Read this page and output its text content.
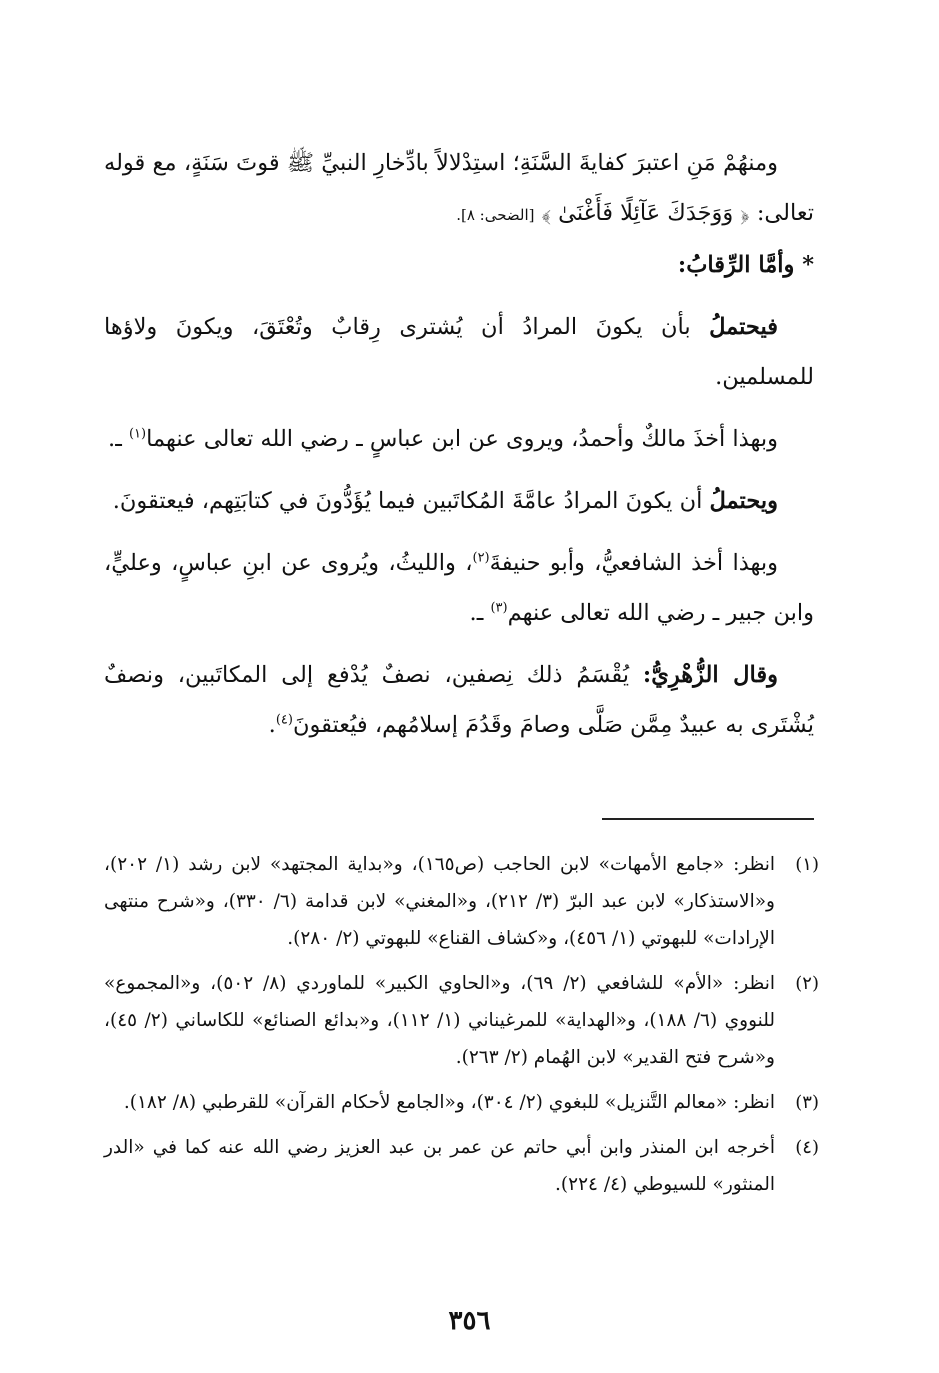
ومنهُمْ مَنِ اعتبرَ كفايةَ السَّنَةِ؛ استِدْلالاً بادِّخارِ النبيِّ ﷺ قوتَ سَنَةٍ، مع قوله تعالى: ﴿ وَوَجَدَكَ عَآئِلًا فَأَغْنَىٰ ﴾ [الضحى: ٨].

* وأمَّا الرِّقابُ:

فيحتملُ بأن يكونَ المرادُ أن يُشترى رِقابٌ وتُعْتَقَ، ويكونَ ولاؤها للمسلمين.

وبهذا أخذَ مالكٌ وأحمدُ، ويروى عن ابن عباسٍ ـ رضي الله تعالى عنهما$^{(١)}$ ـ.

ويحتملُ أن يكونَ المرادُ عامَّةَ المُكاتَبين فيما يُؤَدُّونَ في كتابَتِهم، فيعتقونَ.

وبهذا أخذ الشافعيُّ، وأبو حنيفةَ$^{(٢)}$، والليثُ، ويُروى عن ابنِ عباسٍ، وعليٍّ، وابن جبير ـ رضي الله تعالى عنهم$^{(٣)}$ ـ.

وقال الزُّهْرِيُّ: يُقْسَمُ ذلك نِصفين، نصفٌ يُدْفع إلى المكاتَبين، ونصفٌ يُشْتَرى به عبيدٌ مِمَّن صَلَّى وصامَ وقَدُمَ إسلامُهم، فيُعتقونَ$^{(٤)}$.

(١)
انظر: «جامع الأمهات» لابن الحاجب (ص١٦٥)، و«بداية المجتهد» لابن رشد (١/ ٢٠٢)، و«الاستذكار» لابن عبد البرّ (٣/ ٢١٢)، و«المغني» لابن قدامة (٦/ ٣٣٠)، و«شرح منتهى الإرادات» للبهوتي (١/ ٤٥٦)، و«كشاف القناع» للبهوتي (٢/ ٢٨٠).
(٢)
انظر: «الأم» للشافعي (٢/ ٦٩)، و«الحاوي الكبير» للماوردي (٨/ ٥٠٢)، و«المجموع» للنووي (٦/ ١٨٨)، و«الهداية» للمرغيناني (١/ ١١٢)، و«بدائع الصنائع» للكاساني (٢/ ٤٥)، و«شرح فتح القدير» لابن الهُمام (٢/ ٢٦٣).
(٣)
انظر: «معالم التَّنزيل» للبغوي (٢/ ٣٠٤)، و«الجامع لأحكام القرآن» للقرطبي (٨/ ١٨٢).
(٤)
أخرجه ابن المنذر وابن أبي حاتم عن عمر بن عبد العزيز رضي الله عنه كما في «الدر المنثور» للسيوطي (٤/ ٢٢٤).
٣٥٦
